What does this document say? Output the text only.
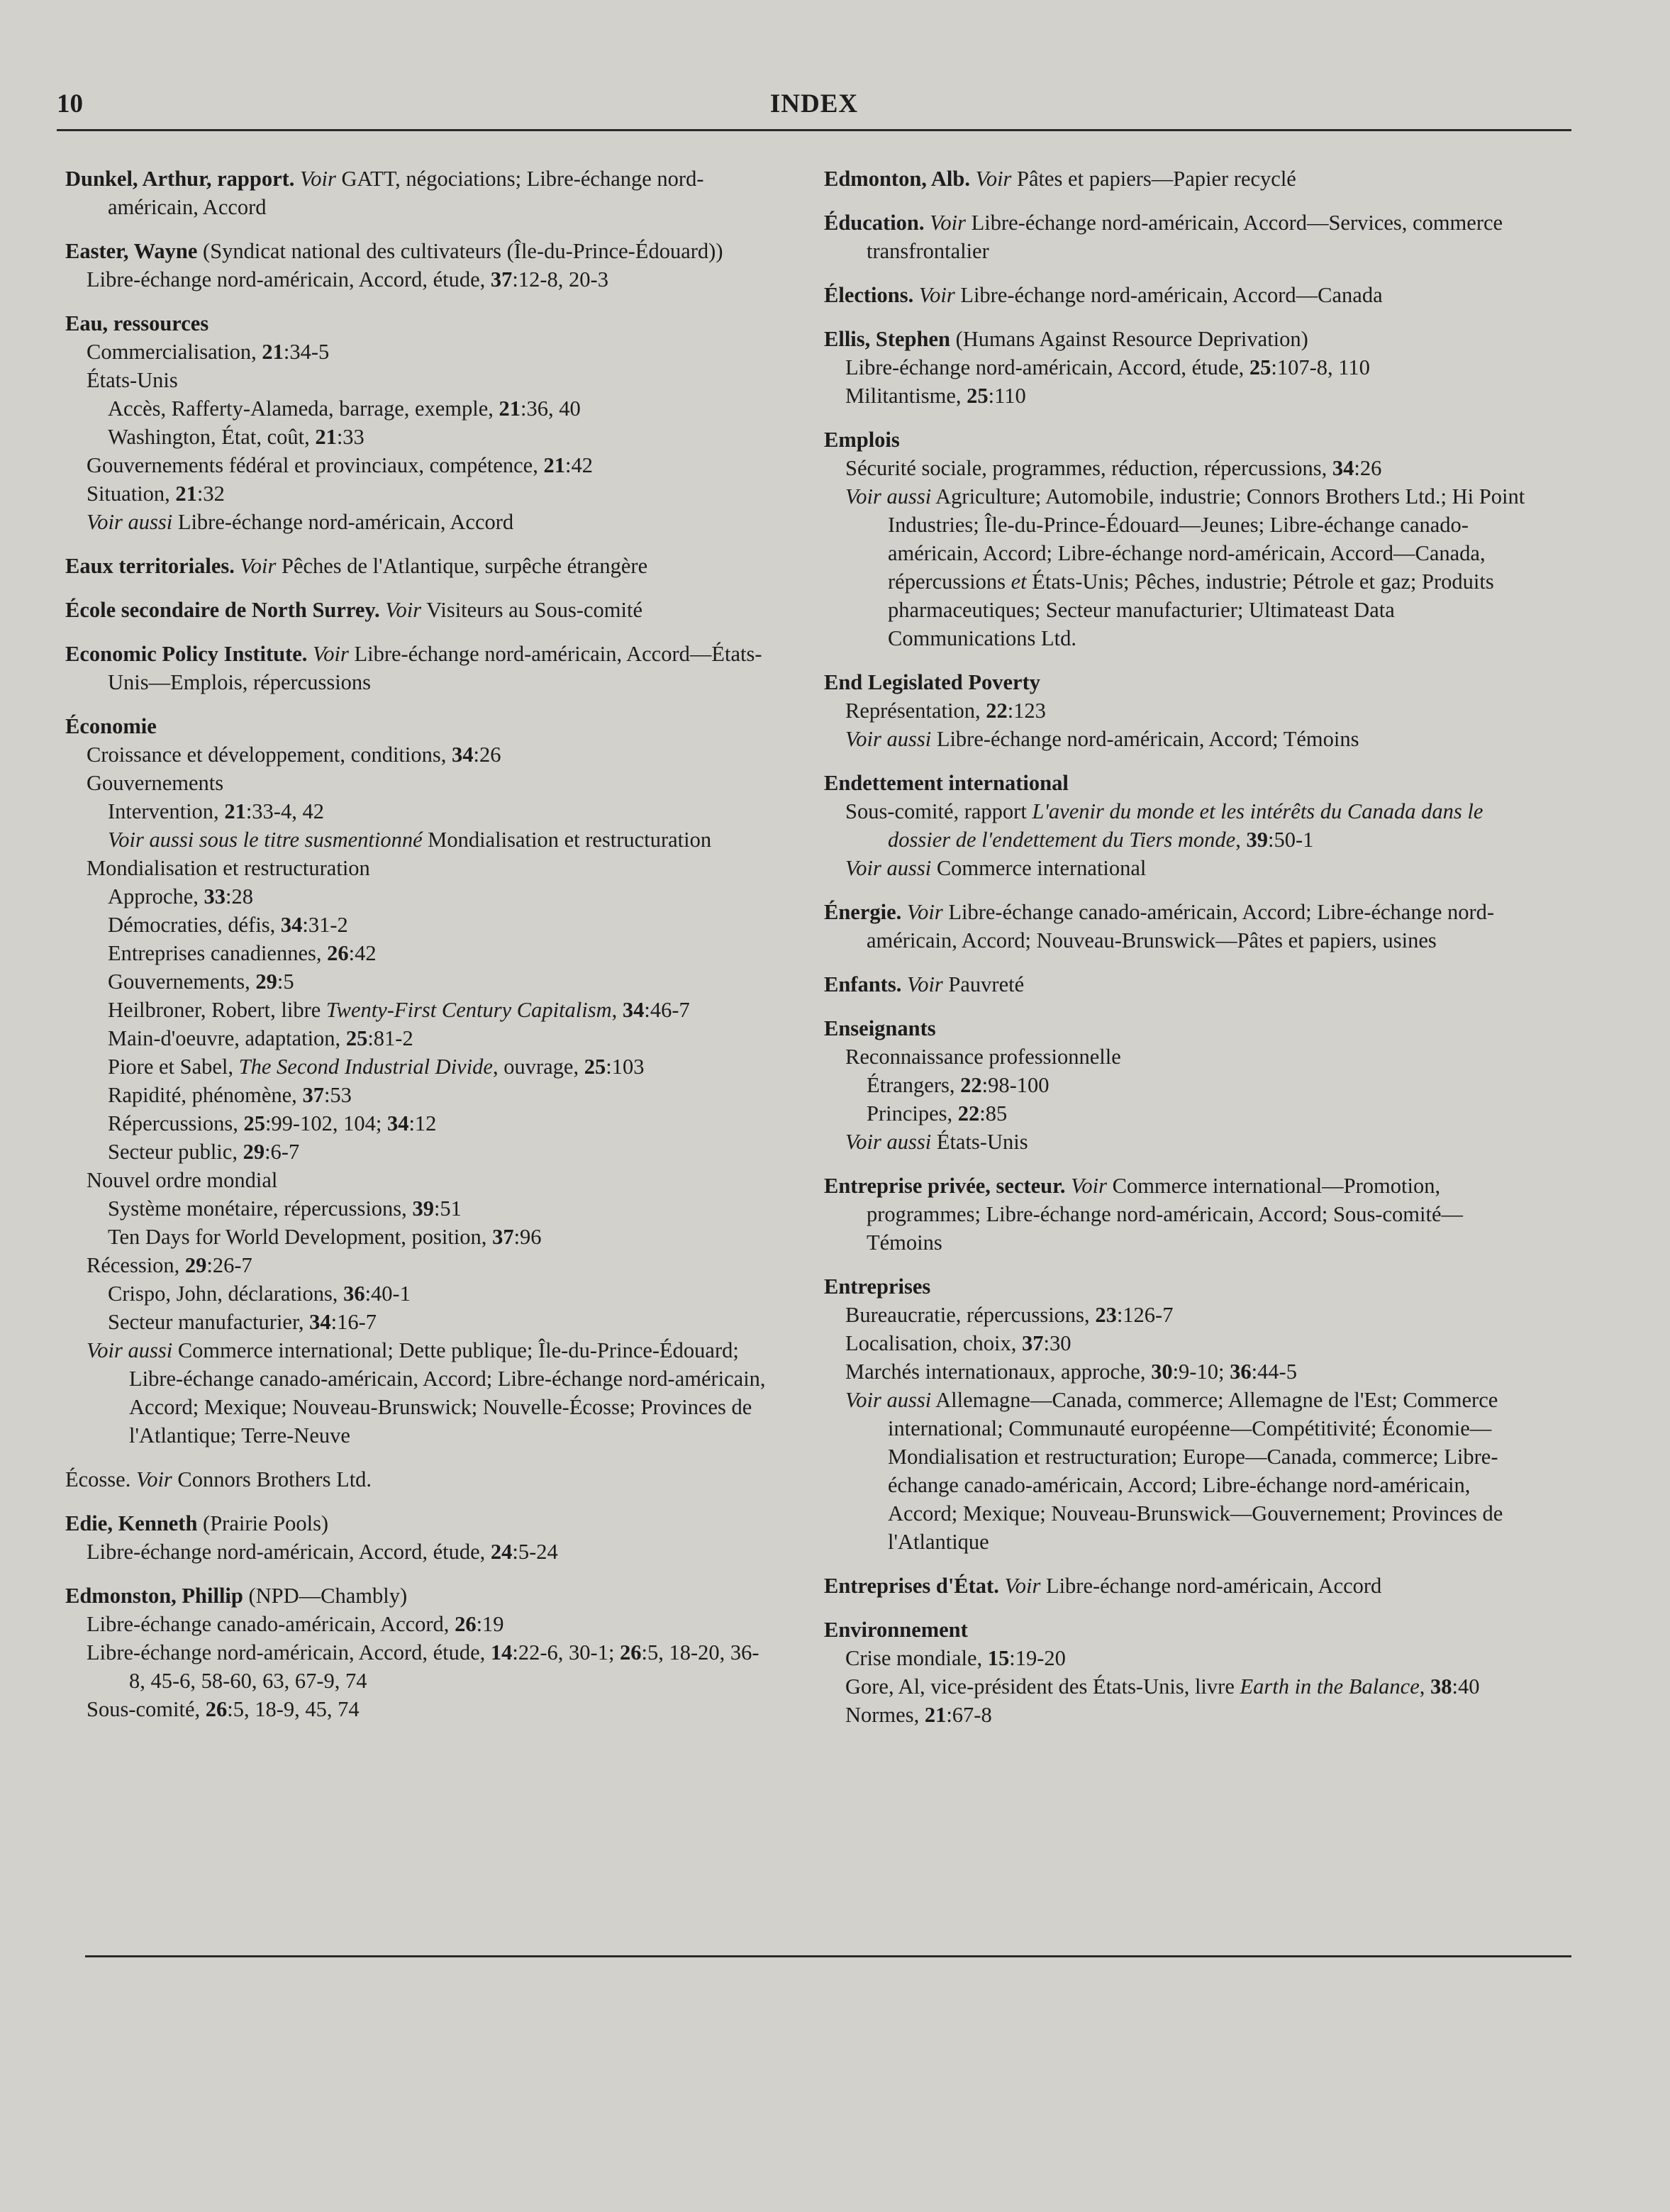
10	INDEX
Dunkel, Arthur, rapport. Voir GATT, négociations; Libre-échange nord-américain, Accord
Easter, Wayne (Syndicat national des cultivateurs (Île-du-Prince-Édouard))
Libre-échange nord-américain, Accord, étude, 37:12-8, 20-3
Eau, ressources
Commercialisation, 21:34-5
États-Unis
Accès, Rafferty-Alameda, barrage, exemple, 21:36, 40
Washington, État, coût, 21:33
Gouvernements fédéral et provinciaux, compétence, 21:42
Situation, 21:32
Voir aussi Libre-échange nord-américain, Accord
Eaux territoriales. Voir Pêches de l'Atlantique, surpêche étrangère
École secondaire de North Surrey. Voir Visiteurs au Sous-comité
Economic Policy Institute. Voir Libre-échange nord-américain, Accord—États-Unis—Emplois, répercussions
Économie
Croissance et développement, conditions, 34:26
Gouvernements
Intervention, 21:33-4, 42
Voir aussi sous le titre susmentionné Mondialisation et restructuration
Mondialisation et restructuration
Approche, 33:28
Démocraties, défis, 34:31-2
Entreprises canadiennes, 26:42
Gouvernements, 29:5
Heilbroner, Robert, libre Twenty-First Century Capitalism, 34:46-7
Main-d'oeuvre, adaptation, 25:81-2
Piore et Sabel, The Second Industrial Divide, ouvrage, 25:103
Rapidité, phénomène, 37:53
Répercussions, 25:99-102, 104; 34:12
Secteur public, 29:6-7
Nouvel ordre mondial
Système monétaire, répercussions, 39:51
Ten Days for World Development, position, 37:96
Récession, 29:26-7
Crispo, John, déclarations, 36:40-1
Secteur manufacturier, 34:16-7
Voir aussi Commerce international; Dette publique; Île-du-Prince-Édouard; Libre-échange canado-américain, Accord; Libre-échange nord-américain, Accord; Mexique; Nouveau-Brunswick; Nouvelle-Écosse; Provinces de l'Atlantique; Terre-Neuve
Écosse. Voir Connors Brothers Ltd.
Edie, Kenneth (Prairie Pools)
Libre-échange nord-américain, Accord, étude, 24:5-24
Edmonston, Phillip (NPD—Chambly)
Libre-échange canado-américain, Accord, 26:19
Libre-échange nord-américain, Accord, étude, 14:22-6, 30-1; 26:5, 18-20, 36-8, 45-6, 58-60, 63, 67-9, 74
Sous-comité, 26:5, 18-9, 45, 74
Edmonton, Alb. Voir Pâtes et papiers—Papier recyclé
Éducation. Voir Libre-échange nord-américain, Accord—Services, commerce transfrontalier
Élections. Voir Libre-échange nord-américain, Accord—Canada
Ellis, Stephen (Humans Against Resource Deprivation)
Libre-échange nord-américain, Accord, étude, 25:107-8, 110
Militantisme, 25:110
Emplois
Sécurité sociale, programmes, réduction, répercussions, 34:26
Voir aussi Agriculture; Automobile, industrie; Connors Brothers Ltd.; Hi Point Industries; Île-du-Prince-Édouard—Jeunes; Libre-échange canado-américain, Accord; Libre-échange nord-américain, Accord—Canada, répercussions et États-Unis; Pêches, industrie; Pétrole et gaz; Produits pharmaceutiques; Secteur manufacturier; Ultimateast Data Communications Ltd.
End Legislated Poverty
Représentation, 22:123
Voir aussi Libre-échange nord-américain, Accord; Témoins
Endettement international
Sous-comité, rapport L'avenir du monde et les intérêts du Canada dans le dossier de l'endettement du Tiers monde, 39:50-1
Voir aussi Commerce international
Énergie. Voir Libre-échange canado-américain, Accord; Libre-échange nord-américain, Accord; Nouveau-Brunswick—Pâtes et papiers, usines
Enfants. Voir Pauvreté
Enseignants
Reconnaissance professionnelle
Étrangers, 22:98-100
Principes, 22:85
Voir aussi États-Unis
Entreprise privée, secteur. Voir Commerce international—Promotion, programmes; Libre-échange nord-américain, Accord; Sous-comité—Témoins
Entreprises
Bureaucratie, répercussions, 23:126-7
Localisation, choix, 37:30
Marchés internationaux, approche, 30:9-10; 36:44-5
Voir aussi Allemagne—Canada, commerce; Allemagne de l'Est; Commerce international; Communauté européenne—Compétitivité; Économie—Mondialisation et restructuration; Europe—Canada, commerce; Libre-échange canado-américain, Accord; Libre-échange nord-américain, Accord; Mexique; Nouveau-Brunswick—Gouvernement; Provinces de l'Atlantique
Entreprises d'État. Voir Libre-échange nord-américain, Accord
Environnement
Crise mondiale, 15:19-20
Gore, Al, vice-président des États-Unis, livre Earth in the Balance, 38:40
Normes, 21:67-8
